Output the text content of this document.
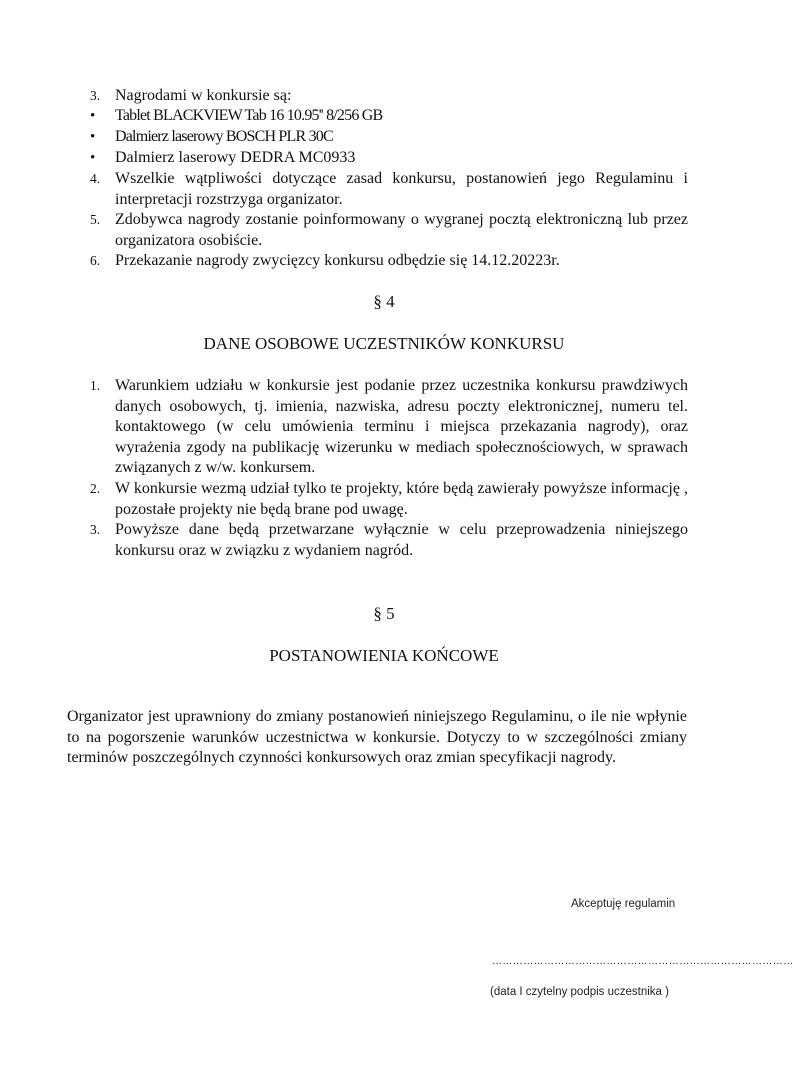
3. Nagrodami w konkursie są:
•	Tablet BLACKVIEW Tab 16 10.95'' 8/256 GB
•	Dalmierz laserowy BOSCH PLR 30C
•	Dalmierz laserowy DEDRA MC0933
4. Wszelkie wątpliwości dotyczące zasad konkursu, postanowień jego Regulaminu i interpretacji rozstrzyga organizator.
5. Zdobywca nagrody zostanie poinformowany o wygranej pocztą elektroniczną lub przez organizatora osobiście.
6. Przekazanie nagrody zwycięzcy konkursu odbędzie się 14.12.20223r.
§ 4
DANE OSOBOWE UCZESTNIKÓW KONKURSU
1. Warunkiem udziału w konkursie jest podanie przez uczestnika konkursu prawdziwych danych osobowych, tj. imienia, nazwiska, adresu poczty elektronicznej, numeru tel. kontaktowego (w celu umówienia terminu i miejsca przekazania nagrody), oraz wyrażenia zgody na publikację wizerunku w mediach społecznościowych, w sprawach związanych z w/w. konkursem.
2. W konkursie wezmą udział tylko te projekty, które będą zawierały powyższe informację , pozostałe projekty nie będą brane pod uwagę.
3. Powyższe dane będą przetwarzane wyłącznie w celu przeprowadzenia niniejszego konkursu oraz w związku z wydaniem nagród.
§ 5
POSTANOWIENIA KOŃCOWE
Organizator jest uprawniony do zmiany postanowień niniejszego Regulaminu, o ile nie wpłynie to na pogorszenie warunków uczestnictwa w konkursie. Dotyczy to w szczególności zmiany terminów poszczególnych czynności konkursowych oraz zmian specyfikacji nagrody.
Akceptuję regulamin
……………………………………………………………………………
(data I czytelny podpis uczestnika )
